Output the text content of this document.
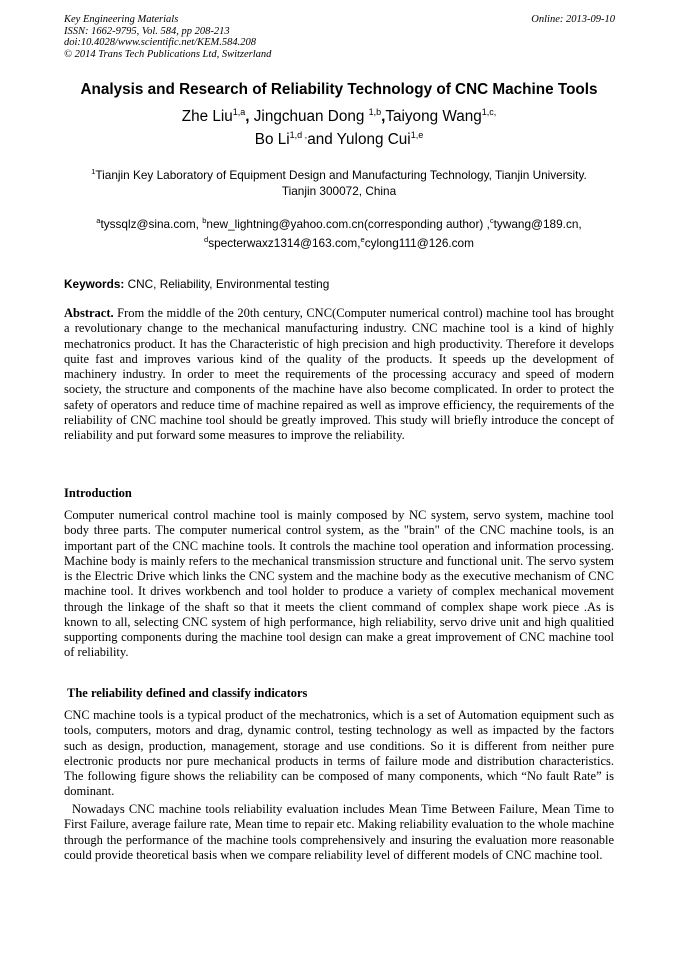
Key Engineering Materials
ISSN: 1662-9795, Vol. 584, pp 208-213
doi:10.4028/www.scientific.net/KEM.584.208
© 2014 Trans Tech Publications Ltd, Switzerland
Online: 2013-09-10
Analysis and Research of Reliability Technology of CNC Machine Tools
Zhe Liu$^{1,a}$, Jingchuan Dong $^{1,b}$,Taiyong Wang$^{1,c,}$
Bo $Li^{1,d ,}and$ Yulong Cui$^{1,e}$
$^1$Tianjin Key Laboratory of Equipment Design and Manufacturing Technology, Tianjin University.
Tianjin 300072, China
$^a$tyssqlz@sina.com, $^b$new_lightning@yahoo.com.cn(corresponding author) ,$^c$tywang@189.cn,
$^d$specterwaxz1314@163.com,$^e$cylong111@126.com
Keywords: CNC, Reliability, Environmental testing
Abstract. From the middle of the 20th century, CNC(Computer numerical control) machine tool has brought a revolutionary change to the mechanical manufacturing industry. CNC machine tool is a kind of highly mechatronics product. It has the Characteristic of high precision and high productivity. Therefore it develops quite fast and improves various kind of the quality of the products. It speeds up the development of machinery industry. In order to meet the requirements of the processing accuracy and speed of modern society, the structure and components of the machine have also become complicated. In order to protect the safety of operators and reduce time of machine repaired as well as improve efficiency, the requirements of the reliability of CNC machine tool should be greatly improved. This study will briefly introduce the concept of reliability and put forward some measures to improve the reliability.
Introduction
Computer numerical control machine tool is mainly composed by NC system, servo system, machine tool body three parts. The computer numerical control system, as the "brain" of the CNC machine tools, is an important part of the CNC machine tools. It controls the machine tool operation and information processing. Machine body is mainly refers to the mechanical transmission structure and functional unit. The servo system is the Electric Drive which links the CNC system and the machine body as the executive mechanism of CNC machine tool. It drives workbench and tool holder to produce a variety of complex mechanical movement through the linkage of the shaft so that it meets the client command of complex shape work piece .As is known to all, selecting CNC system of high performance, high reliability, servo drive unit and high qualitied supporting components during the machine tool design can make a great improvement of CNC machine tool of reliability.
The reliability defined and classify indicators
CNC machine tools is a typical product of the mechatronics, which is a set of Automation equipment such as tools, computers, motors and drag, dynamic control, testing technology as well as impacted by the factors such as design, production, management, storage and use conditions. So it is different from neither pure electronic products nor pure mechanical products in terms of failure mode and distribution characteristics. The following figure shows the reliability can be composed of many components, which “No fault Rate” is dominant.
Nowadays CNC machine tools reliability evaluation includes Mean Time Between Failure, Mean Time to First Failure, average failure rate, Mean time to repair etc. Making reliability evaluation to the whole machine through the performance of the machine tools comprehensively and insuring the evaluation more reasonable could provide theoretical basis when we compare reliability level of different models of CNC machine tool.
